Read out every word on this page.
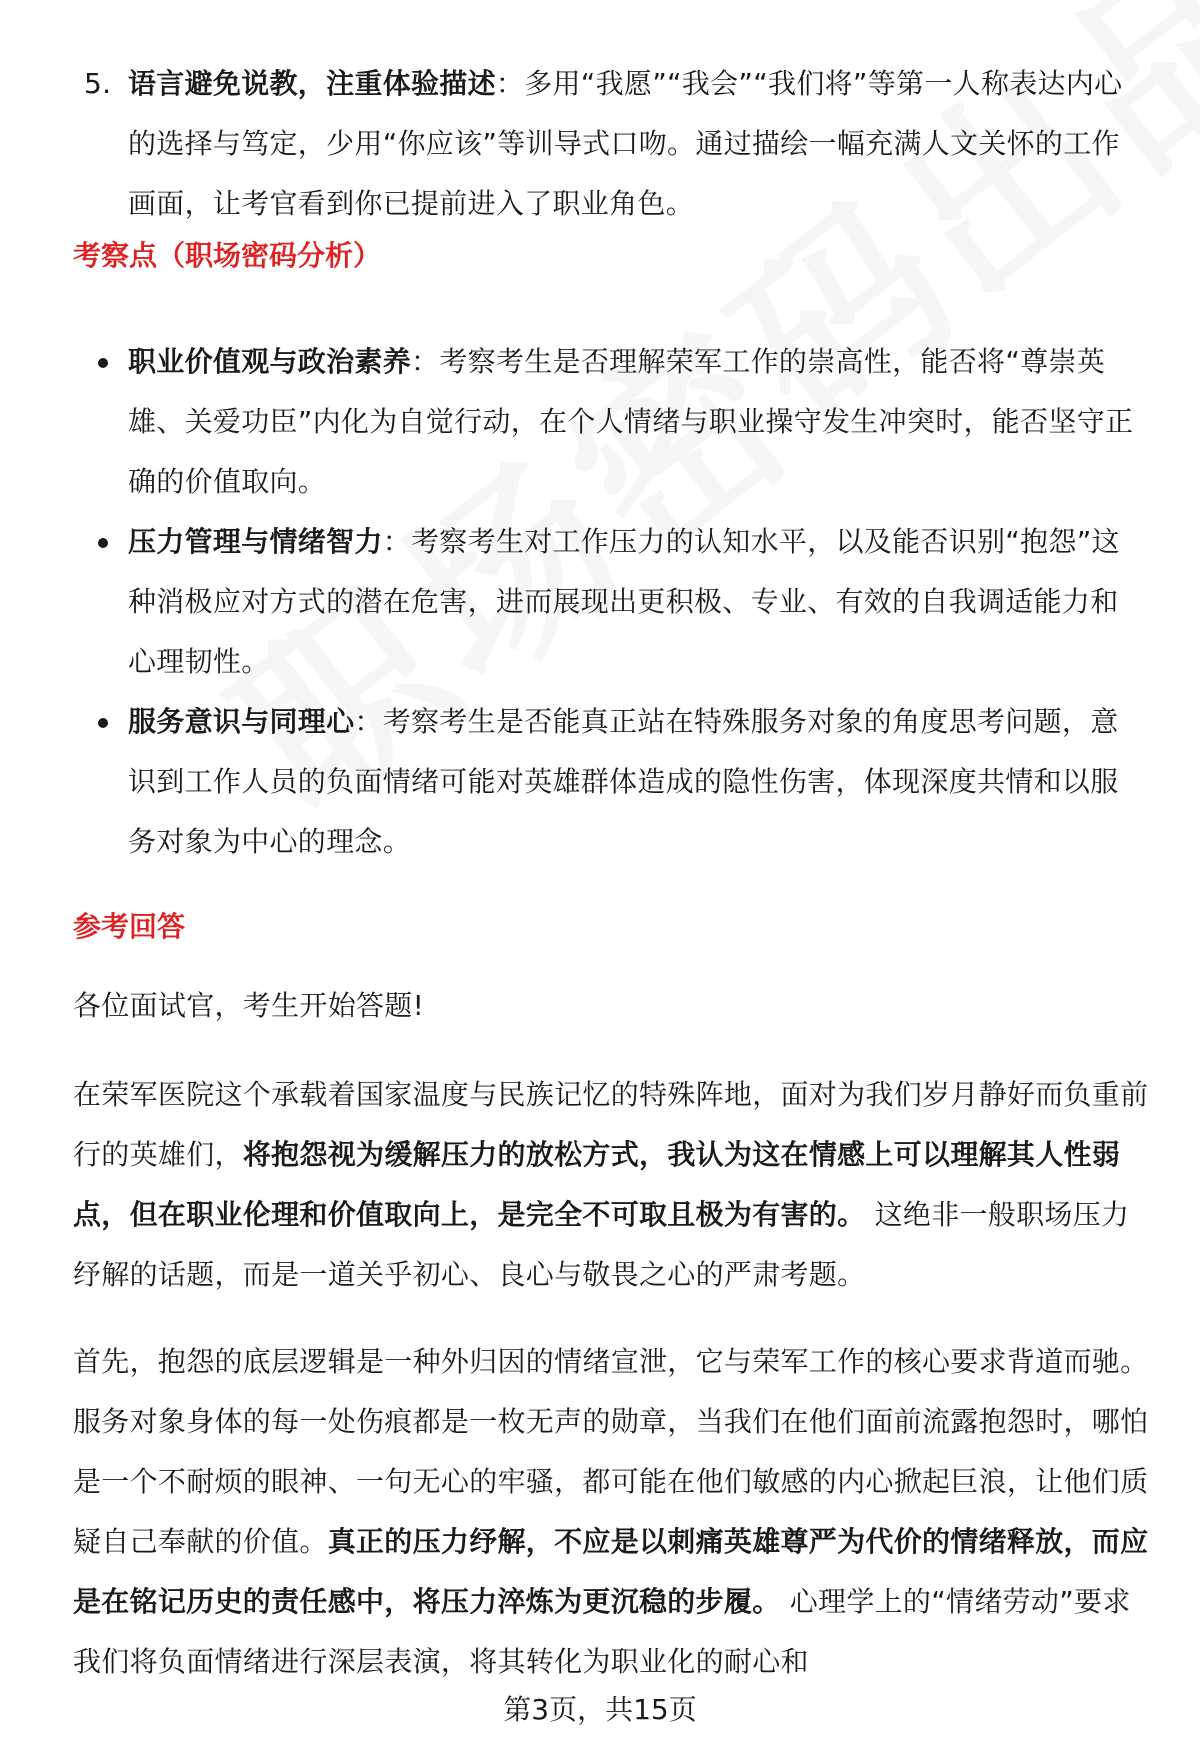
5. 语言避免说教，注重体验描述：多用“我愿”“我会”“我们将”等第一人称表达内心的选择与笃定，少用“你应该”等训导式口吻。通过描绘一幅充满人文关怀的工作画面，让考官看到你已提前进入了职业角色。
考察点（职场密码分析）
职业价值观与政治素养：考察考生是否理解荣军工作的崇高性，能否将“尊崇英雄、关爱功臣”内化为自觉行动，在个人情绪与职业操守发生冲突时，能否坚守正确的价值取向。
压力管理与情绪智力：考察考生对工作压力的认知水平，以及能否识别“抱怨”这种消极应对方式的潜在危害，进而展现出更积极、专业、有效的自我调适能力和心理韧性。
服务意识与同理心：考察考生是否能真正站在特殊服务对象的角度思考问题，意识到工作人员的负面情绪可能对英雄群体造成的隐性伤害，体现深度共情和以服务对象为中心的理念。
参考回答
各位面试官，考生开始答题!
在荣军医院这个承载着国家温度与民族记忆的特殊阵地，面对为我们岁月静好而负重前行的英雄们，将抱怨视为缓解压力的放松方式，我认为这在情感上可以理解其人性弱点，但在职业伦理和价值取向上，是完全不可取且极为有害的。 这绝非一般职场压力纾解的话题，而是一道关乎初心、良心与敬畏之心的严肃考题。
首先，抱怨的底层逻辑是一种外归因的情绪宣泄，它与荣军工作的核心要求背道而驰。服务对象身体的每一处伤痕都是一枚无声的勋章，当我们在他们面前流露抱怨时，哪怕是一个不耐烦的眼神、一句无心的牢骚，都可能在他们敏感的内心掀起巨浪，让他们质疑自己奉献的价值。真正的压力纾解，不应是以刺痛英雄尊严为代价的情绪释放，而应是在铭记历史的责任感中，将压力淬炼为更沉稳的步履。 心理学上的“情绪劳动”要求我们将负面情绪进行深层表演，将其转化为职业化的耐心和
第3页，共15页
